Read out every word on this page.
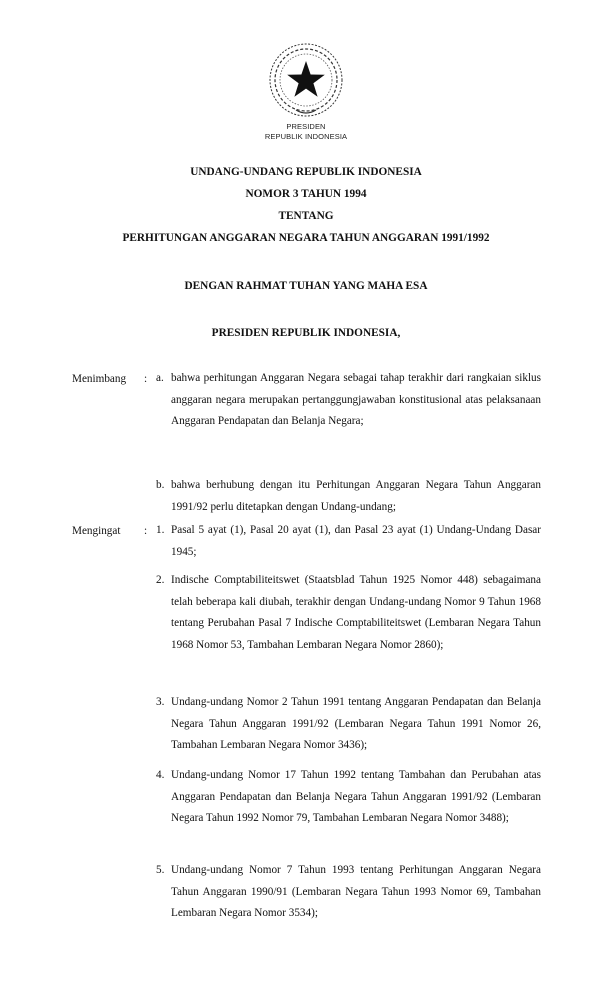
PRESIDEN
REPUBLIK INDONESIA
UNDANG-UNDANG REPUBLIK INDONESIA
NOMOR 3 TAHUN 1994
TENTANG
PERHITUNGAN ANGGARAN NEGARA TAHUN ANGGARAN 1991/1992
DENGAN RAHMAT TUHAN YANG MAHA ESA
PRESIDEN REPUBLIK INDONESIA,
Menimbang : a. bahwa perhitungan Anggaran Negara sebagai tahap terakhir dari rangkaian siklus anggaran negara merupakan pertanggungjawaban konstitusional atas pelaksanaan Anggaran Pendapatan dan Belanja Negara;
b. bahwa berhubung dengan itu Perhitungan Anggaran Negara Tahun Anggaran 1991/92 perlu ditetapkan dengan Undang-undang;
Mengingat : 1. Pasal 5 ayat (1), Pasal 20 ayat (1), dan Pasal 23 ayat (1) Undang-Undang Dasar 1945;
2. Indische Comptabiliteitswet (Staatsblad Tahun 1925 Nomor 448) sebagaimana telah beberapa kali diubah, terakhir dengan Undang-undang Nomor 9 Tahun 1968 tentang Perubahan Pasal 7 Indische Comptabiliteitswet (Lembaran Negara Tahun 1968 Nomor 53, Tambahan Lembaran Negara Nomor 2860);
3. Undang-undang Nomor 2 Tahun 1991 tentang Anggaran Pendapatan dan Belanja Negara Tahun Anggaran 1991/92 (Lembaran Negara Tahun 1991 Nomor 26, Tambahan Lembaran Negara Nomor 3436);
4. Undang-undang Nomor 17 Tahun 1992 tentang Tambahan dan Perubahan atas Anggaran Pendapatan dan Belanja Negara Tahun Anggaran 1991/92 (Lembaran Negara Tahun 1992 Nomor 79, Tambahan Lembaran Negara Nomor 3488);
5. Undang-undang Nomor 7 Tahun 1993 tentang Perhitungan Anggaran Negara Tahun Anggaran 1990/91 (Lembaran Negara Tahun 1993 Nomor 69, Tambahan Lembaran Negara Nomor 3534);
